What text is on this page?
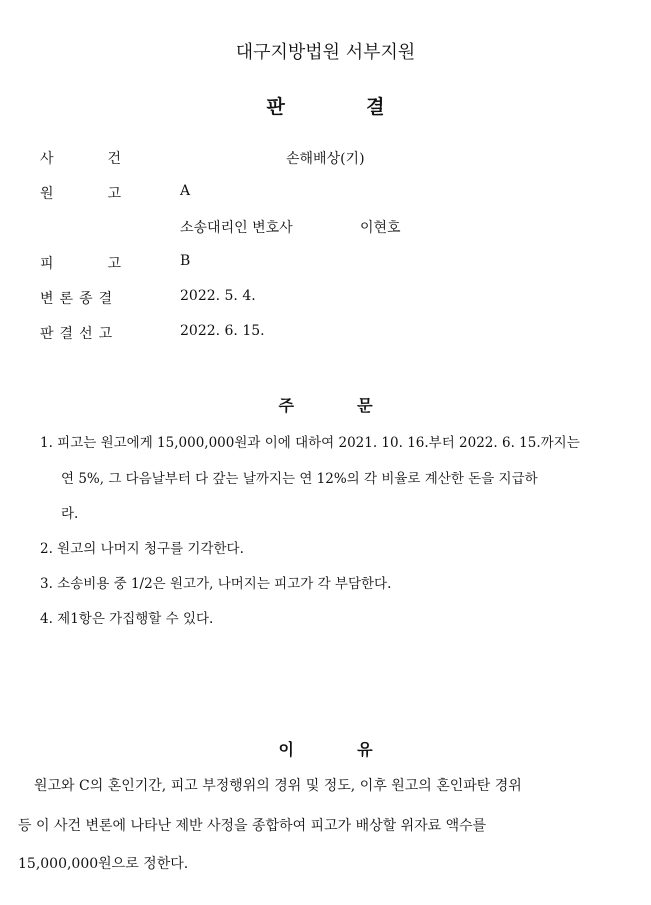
대구지방법원 서부지원
판	결
사	건	손해배상(기)
원	고	A
소송대리인 변호사	이현호
피	고	B
변 론 종 결	2022. 5. 4.
판 결 선 고	2022. 6. 15.
주	문
1. 피고는 원고에게 15,000,000원과 이에 대하여 2021. 10. 16.부터 2022. 6. 15.까지는
연 5%, 그 다음날부터 다 갚는 날까지는 연 12%의 각 비율로 계산한 돈을 지급하
라.
2. 원고의 나머지 청구를 기각한다.
3. 소송비용 중 1/2은 원고가, 나머지는 피고가 각 부담한다.
4. 제1항은 가집행할 수 있다.
이	유
원고와 C의 혼인기간, 피고 부정행위의 경위 및 정도, 이후 원고의 혼인파탄 경위
등 이 사건 변론에 나타난 제반 사정을 종합하여 피고가 배상할 위자료 액수를
15,000,000원으로 정한다.
